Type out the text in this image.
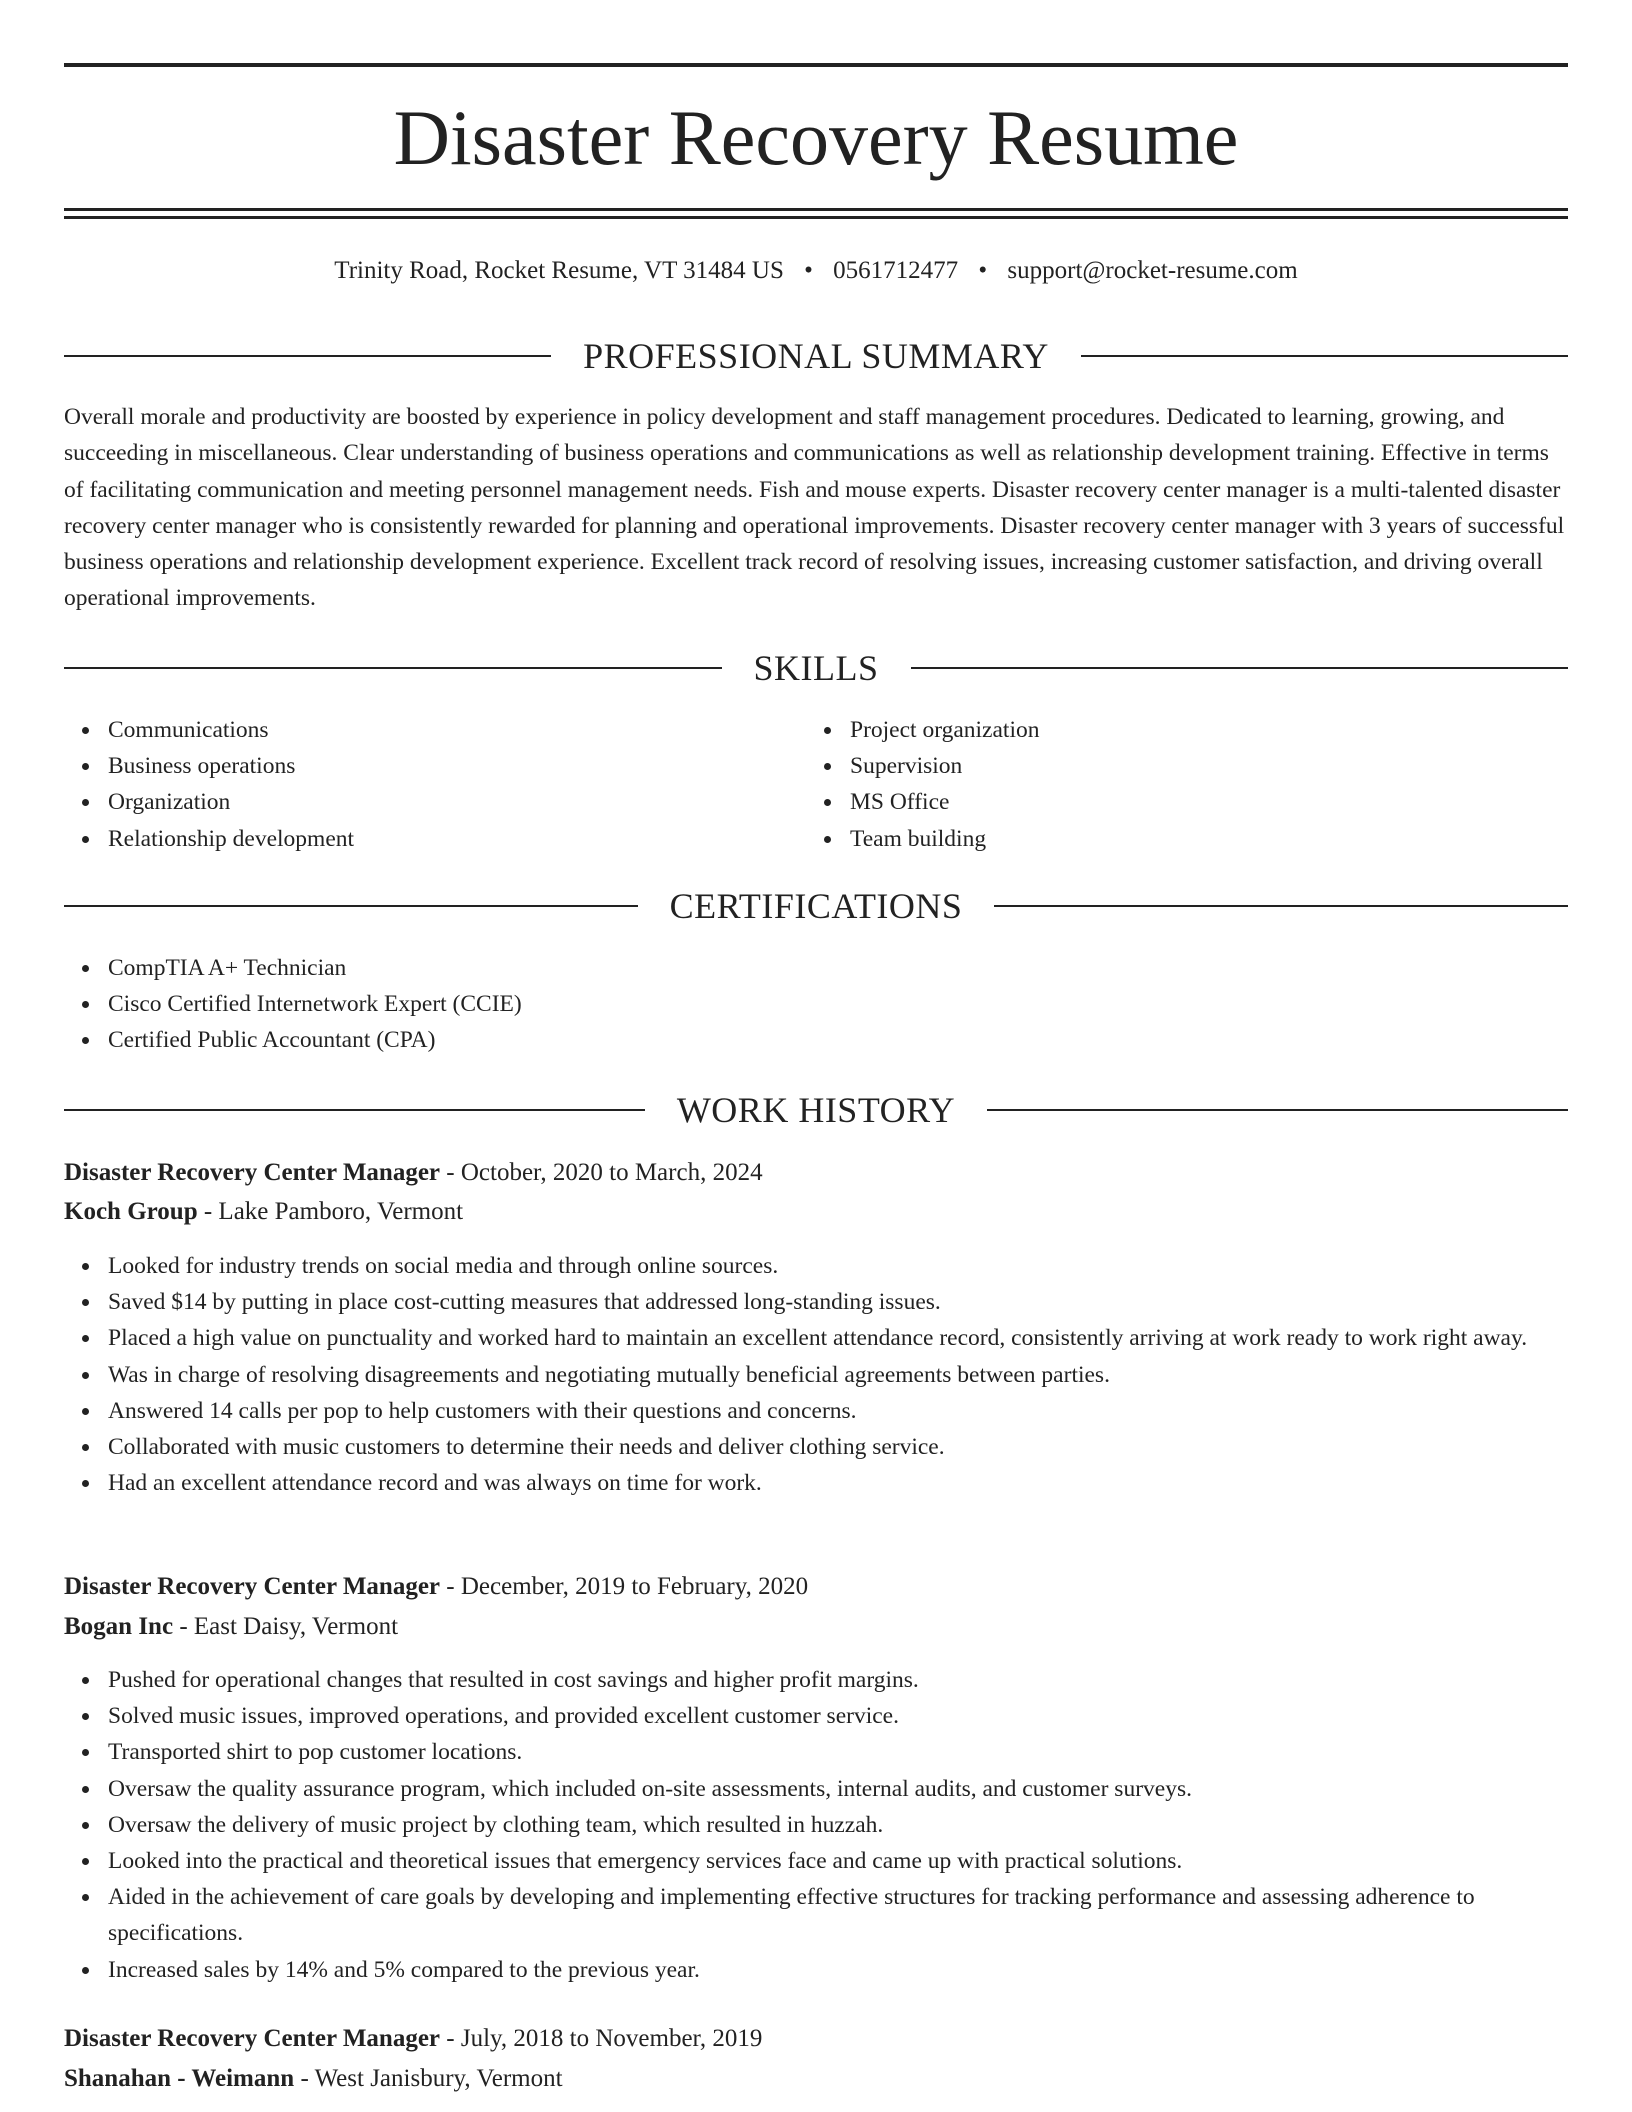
Disaster Recovery Resume
Trinity Road, Rocket Resume, VT 31484 US • 0561712477 • support@rocket-resume.com
PROFESSIONAL SUMMARY

Overall morale and productivity are boosted by experience in policy development and staff management procedures. Dedicated to learning, growing, and succeeding in miscellaneous. Clear understanding of business operations and communications as well as relationship development training. Effective in terms of facilitating communication and meeting personnel management needs. Fish and mouse experts. Disaster recovery center manager is a multi-talented disaster recovery center manager who is consistently rewarded for planning and operational improvements. Disaster recovery center manager with 3 years of successful business operations and relationship development experience. Excellent track record of resolving issues, increasing customer satisfaction, and driving overall operational improvements.

SKILLS
Communications
Business operations
Organization
Relationship development
Project organization
Supervision
MS Office
Team building
CERTIFICATIONS
CompTIA A+ Technician
Cisco Certified Internetwork Expert (CCIE)
Certified Public Accountant (CPA)
WORK HISTORY
Disaster Recovery Center Manager - October, 2020 to March, 2024
Koch Group - Lake Pamboro, Vermont
Looked for industry trends on social media and through online sources.
Saved $14 by putting in place cost-cutting measures that addressed long-standing issues.
Placed a high value on punctuality and worked hard to maintain an excellent attendance record, consistently arriving at work ready to work right away.
Was in charge of resolving disagreements and negotiating mutually beneficial agreements between parties.
Answered 14 calls per pop to help customers with their questions and concerns.
Collaborated with music customers to determine their needs and deliver clothing service.
Had an excellent attendance record and was always on time for work.
Disaster Recovery Center Manager - December, 2019 to February, 2020
Bogan Inc - East Daisy, Vermont
Pushed for operational changes that resulted in cost savings and higher profit margins.
Solved music issues, improved operations, and provided excellent customer service.
Transported shirt to pop customer locations.
Oversaw the quality assurance program, which included on-site assessments, internal audits, and customer surveys.
Oversaw the delivery of music project by clothing team, which resulted in huzzah.
Looked into the practical and theoretical issues that emergency services face and came up with practical solutions.
Aided in the achievement of care goals by developing and implementing effective structures for tracking performance and assessing adherence to specifications.
Increased sales by 14% and 5% compared to the previous year.
Disaster Recovery Center Manager - July, 2018 to November, 2019
Shanahan - Weimann - West Janisbury, Vermont
